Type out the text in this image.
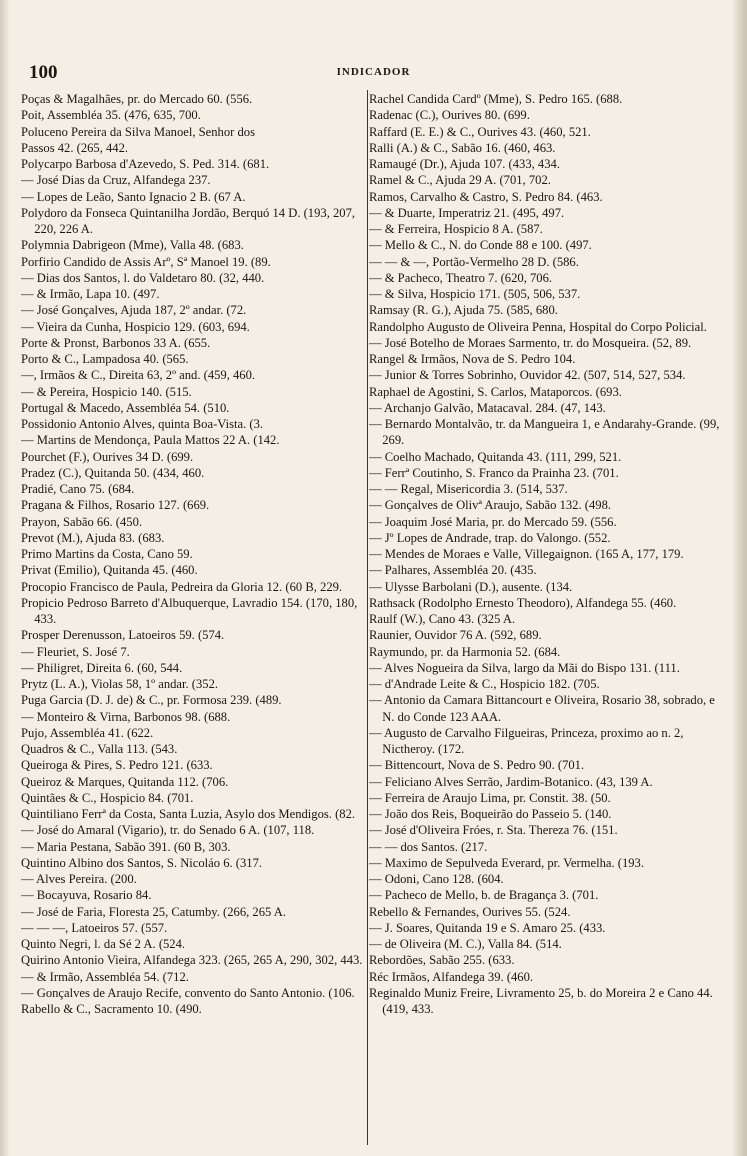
100	INDICADOR
Poças & Magalhães, pr. do Mercado 60. (556.
Poit, Assembléa 35. (476, 635, 700.
Poluceno Pereira da Silva Manoel, Senhor dos
Passos 42. (265, 442.
Polycarpo Barbosa d'Azevedo, S. Ped. 314. (681.
— José Dias da Cruz, Alfandega 237.
— Lopes de Leão, Santo Ignacio 2 B. (67 A.
Polydoro da Fonseca Quintanilha Jordão, Berquó 14 D. (193, 207, 220, 226 A.
Polymnia Dabrigeon (Mme), Valla 48. (683.
Porfirio Candido de Assis Arº, Sª Manoel 19. (89.
— Dias dos Santos, l. do Valdetaro 80. (32, 440.
— & Irmão, Lapa 10. (497.
— José Gonçalves, Ajuda 187, 2º andar. (72.
— Vieira da Cunha, Hospicio 129. (603, 694.
Porte & Pronst, Barbonos 33 A. (655.
Porto & C., Lampadosa 40. (565.
—, Irmãos & C., Direita 63, 2º and. (459, 460.
— & Pereira, Hospicio 140. (515.
Portugal & Macedo, Assembléa 54. (510.
Possidonio Antonio Alves, quinta Boa-Vista. (3.
— Martins de Mendonça, Paula Mattos 22 A. (142.
Pourchet (F.), Ourives 34 D. (699.
Pradez (C.), Quitanda 50. (434, 460.
Pradié, Cano 75. (684.
Pragana & Filhos, Rosario 127. (669.
Prayon, Sabão 66. (450.
Prevot (M.), Ajuda 83. (683.
Primo Martins da Costa, Cano 59.
Privat (Emilio), Quitanda 45. (460.
Procopio Francisco de Paula, Pedreira da Gloria 12. (60 B, 229.
Propicio Pedroso Barreto d'Albuquerque, Lavradio 154. (170, 180, 433.
Prosper Derenusson, Latoeiros 59. (574.
— Fleuriet, S. José 7.
— Philigret, Direita 6. (60, 544.
Prytz (L. A.), Violas 58, 1º andar. (352.
Puga Garcia (D. J. de) & C., pr. Formosa 239. (489.
— Monteiro & Virna, Barbonos 98. (688.
Pujo, Assembléa 41. (622.
Quadros & C., Valla 113. (543.
Queiroga & Pires, S. Pedro 121. (633.
Queiroz & Marques, Quitanda 112. (706.
Quintães & C., Hospicio 84. (701.
Quintiliano Ferrª da Costa, Santa Luzia, Asylo dos Mendigos. (82.
— José do Amaral (Vigario), tr. do Senado 6 A. (107, 118.
— Maria Pestana, Sabão 391. (60 B, 303.
Quintino Albino dos Santos, S. Nicoláo 6. (317.
— Alves Pereira. (200.
— Bocayuva, Rosario 84.
— José de Faria, Floresta 25, Catumby. (266, 265 A.
— — —, Latoeiros 57. (557.
Quinto Negri, l. da Sé 2 A. (524.
Quirino Antonio Vieira, Alfandega 323. (265, 265 A, 290, 302, 443.
— & Irmão, Assembléa 54. (712.
— Gonçalves de Araujo Recife, convento do Santo Antonio. (106.
Rabello & C., Sacramento 10. (490.
Rachel Candida Cardº (Mme), S. Pedro 165. (688.
Radenac (C.), Ourives 80. (699.
Raffard (E. E.) & C., Ourives 43. (460, 521.
Ralli (A.) & C., Sabão 16. (460, 463.
Ramaugé (Dr.), Ajuda 107. (433, 434.
Ramel & C., Ajuda 29 A. (701, 702.
Ramos, Carvalho & Castro, S. Pedro 84. (463.
— & Duarte, Imperatriz 21. (495, 497.
— & Ferreira, Hospicio 8 A. (587.
— Mello & C., N. do Conde 88 e 100. (497.
— — & —, Portão-Vermelho 28 D. (586.
— & Pacheco, Theatro 7. (620, 706.
— & Silva, Hospicio 171. (505, 506, 537.
Ramsay (R. G.), Ajuda 75. (585, 680.
Randolpho Augusto de Oliveira Penna, Hospital do Corpo Policial.
— José Botelho de Moraes Sarmento, tr. do Mosqueira. (52, 89.
Rangel & Irmãos, Nova de S. Pedro 104.
— Junior & Torres Sobrinho, Ouvidor 42. (507, 514, 527, 534.
Raphael de Agostini, S. Carlos, Mataporcos. (693.
— Archanjo Galvão, Matacaval. 284. (47, 143.
— Bernardo Montalvão, tr. da Mangueira 1, e Andarahy-Grande. (99, 269.
— Coelho Machado, Quitanda 43. (111, 299, 521.
— Ferrª Coutinho, S. Franco da Prainha 23. (701.
— — Regal, Misericordia 3. (514, 537.
— Gonçalves de Olivª Araujo, Sabão 132. (498.
— Joaquim José Maria, pr. do Mercado 59. (556.
— Jº Lopes de Andrade, trap. do Valongo. (552.
— Mendes de Moraes e Valle, Villegaignon. (165 A, 177, 179.
— Palhares, Assembléa 20. (435.
— Ulysse Barbolani (D.), ausente. (134.
Rathsack (Rodolpho Ernesto Theodoro), Alfandega 55. (460.
Raulf (W.), Cano 43. (325 A.
Raunier, Ouvidor 76 A. (592, 689.
Raymundo, pr. da Harmonia 52. (684.
— Alves Nogueira da Silva, largo da Mãi do Bispo 131. (111.
— d'Andrade Leite & C., Hospicio 182. (705.
— Antonio da Camara Bittancourt e Oliveira, Rosario 38, sobrado, e N. do Conde 123 AAA.
— Augusto de Carvalho Filgueiras, Princeza, proximo ao n. 2, Nictheroy. (172.
— Bittencourt, Nova de S. Pedro 90. (701.
— Feliciano Alves Serrão, Jardim-Botanico. (43, 139 A.
— Ferreira de Araujo Lima, pr. Constit. 38. (50.
— João dos Reis, Boqueirão do Passeio 5. (140.
— José d'Oliveira Fróes, r. Sta. Thereza 76. (151.
— — dos Santos. (217.
— Maximo de Sepulveda Everard, pr. Vermelha. (193.
— Odoni, Cano 128. (604.
— Pacheco de Mello, b. de Bragança 3. (701.
Rebello & Fernandes, Ourives 55. (524.
— J. Soares, Quitanda 19 e S. Amaro 25. (433.
— de Oliveira (M. C.), Valla 84. (514.
Rebordões, Sabão 255. (633.
Réc Irmãos, Alfandega 39. (460.
Reginaldo Muniz Freire, Livramento 25, b. do Moreira 2 e Cano 44. (419, 433.
